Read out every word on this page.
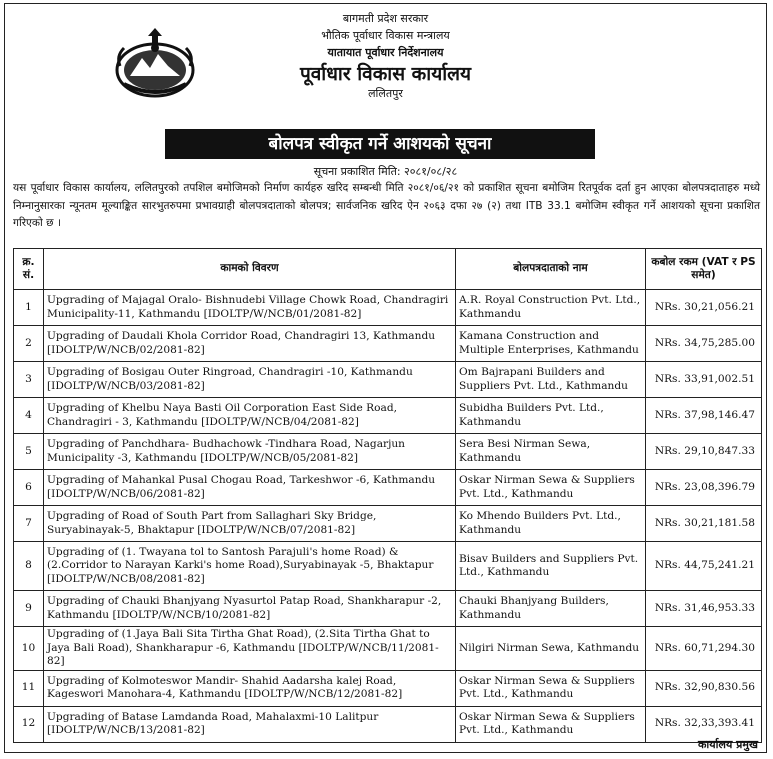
बागमती प्रदेश सरकार
भौतिक पूर्वाधार विकास मन्त्रालय
यातायात पूर्वाधार निर्देशनालय
पूर्वाधार विकास कार्यालय
ललितपुर
बोलपत्र स्वीकृत गर्ने आशयको सूचना
सूचना प्रकाशित मिति: २०८१/०८/२८
यस पूर्वाधार विकास कार्यालय, ललितपुरको तपशिल बमोजिमको निर्माण कार्यहरु खरिद सम्बन्धी मिति २०८१/०६/२१ को प्रकाशित सूचना बमोजिम रितपूर्वक दर्ता हुन आएका बोलपत्रदाताहरु मध्ये निम्नानुसारका न्यूनतम मूल्याङ्कित सारभुतरुपमा प्रभावग्राही बोलपत्रदाताको बोलपत्र; सार्वजनिक खरिद ऐन २०६३ दफा २७ (२) तथा ITB 33.1 बमोजिम स्वीकृत गर्ने आशयको सूचना प्रकाशित गरिएको छ ।
क्र. सं.	कामको विवरण	बोलपत्रदाताको नाम	कबोल रकम (VAT र PS समेत)
1	Upgrading of Majagal Oralo- Bishnudebi Village Chowk Road, Chandragiri Municipality-11, Kathmandu [IDOLTP/W/NCB/01/2081-82]	A.R. Royal Construction Pvt. Ltd., Kathmandu	NRs. 30,21,056.21
2	Upgrading of Daudali Khola Corridor Road, Chandragiri 13, Kathmandu [IDOLTP/W/NCB/02/2081-82]	Kamana Construction and Multiple Enterprises, Kathmandu	NRs. 34,75,285.00
3	Upgrading of Bosigau Outer Ringroad, Chandragiri -10, Kathmandu [IDOLTP/W/NCB/03/2081-82]	Om Bajrapani Builders and Suppliers Pvt. Ltd., Kathmandu	NRs. 33,91,002.51
4	Upgrading of Khelbu Naya Basti Oil Corporation East Side Road, Chandragiri - 3, Kathmandu [IDOLTP/W/NCB/04/2081-82]	Subidha Builders Pvt. Ltd., Kathmandu	NRs. 37,98,146.47
5	Upgrading of Panchdhara- Budhachowk -Tindhara Road, Nagarjun Municipality -3, Kathmandu [IDOLTP/W/NCB/05/2081-82]	Sera Besi Nirman Sewa, Kathmandu	NRs. 29,10,847.33
6	Upgrading of Mahankal Pusal Chogau Road, Tarkeshwor -6, Kathmandu [IDOLTP/W/NCB/06/2081-82]	Oskar Nirman Sewa & Suppliers Pvt. Ltd., Kathmandu	NRs. 23,08,396.79
7	Upgrading of Road of South Part from Sallaghari Sky Bridge, Suryabinayak-5, Bhaktapur [IDOLTP/W/NCB/07/2081-82]	Ko Mhendo Builders Pvt. Ltd., Kathmandu	NRs. 30,21,181.58
8	Upgrading of (1. Twayana tol to Santosh Parajuli's home Road) & (2.Corridor to Narayan Karki's home Road),Suryabinayak -5, Bhaktapur [IDOLTP/W/NCB/08/2081-82]	Bisav Builders and Suppliers Pvt. Ltd., Kathmandu	NRs. 44,75,241.21
9	Upgrading of Chauki Bhanjyang Nyasurtol Patap Road, Shankharapur -2, Kathmandu [IDOLTP/W/NCB/10/2081-82]	Chauki Bhanjyang Builders, Kathmandu	NRs. 31,46,953.33
10	Upgrading of (1.Jaya Bali Sita Tirtha Ghat Road), (2.Sita Tirtha Ghat to Jaya Bali Road), Shankharapur -6, Kathmandu [IDOLTP/W/NCB/11/2081-82]	Nilgiri Nirman Sewa, Kathmandu	NRs. 60,71,294.30
11	Upgrading of Kolmoteswor Mandir- Shahid Aadarsha kalej Road, Kageswori Manohara-4, Kathmandu [IDOLTP/W/NCB/12/2081-82]	Oskar Nirman Sewa & Suppliers Pvt. Ltd., Kathmandu	NRs. 32,90,830.56
12	Upgrading of Batase Lamdanda Road, Mahalaxmi-10 Lalitpur [IDOLTP/W/NCB/13/2081-82]	Oskar Nirman Sewa & Suppliers Pvt. Ltd., Kathmandu	NRs. 32,33,393.41
कार्यालय प्रमुख
